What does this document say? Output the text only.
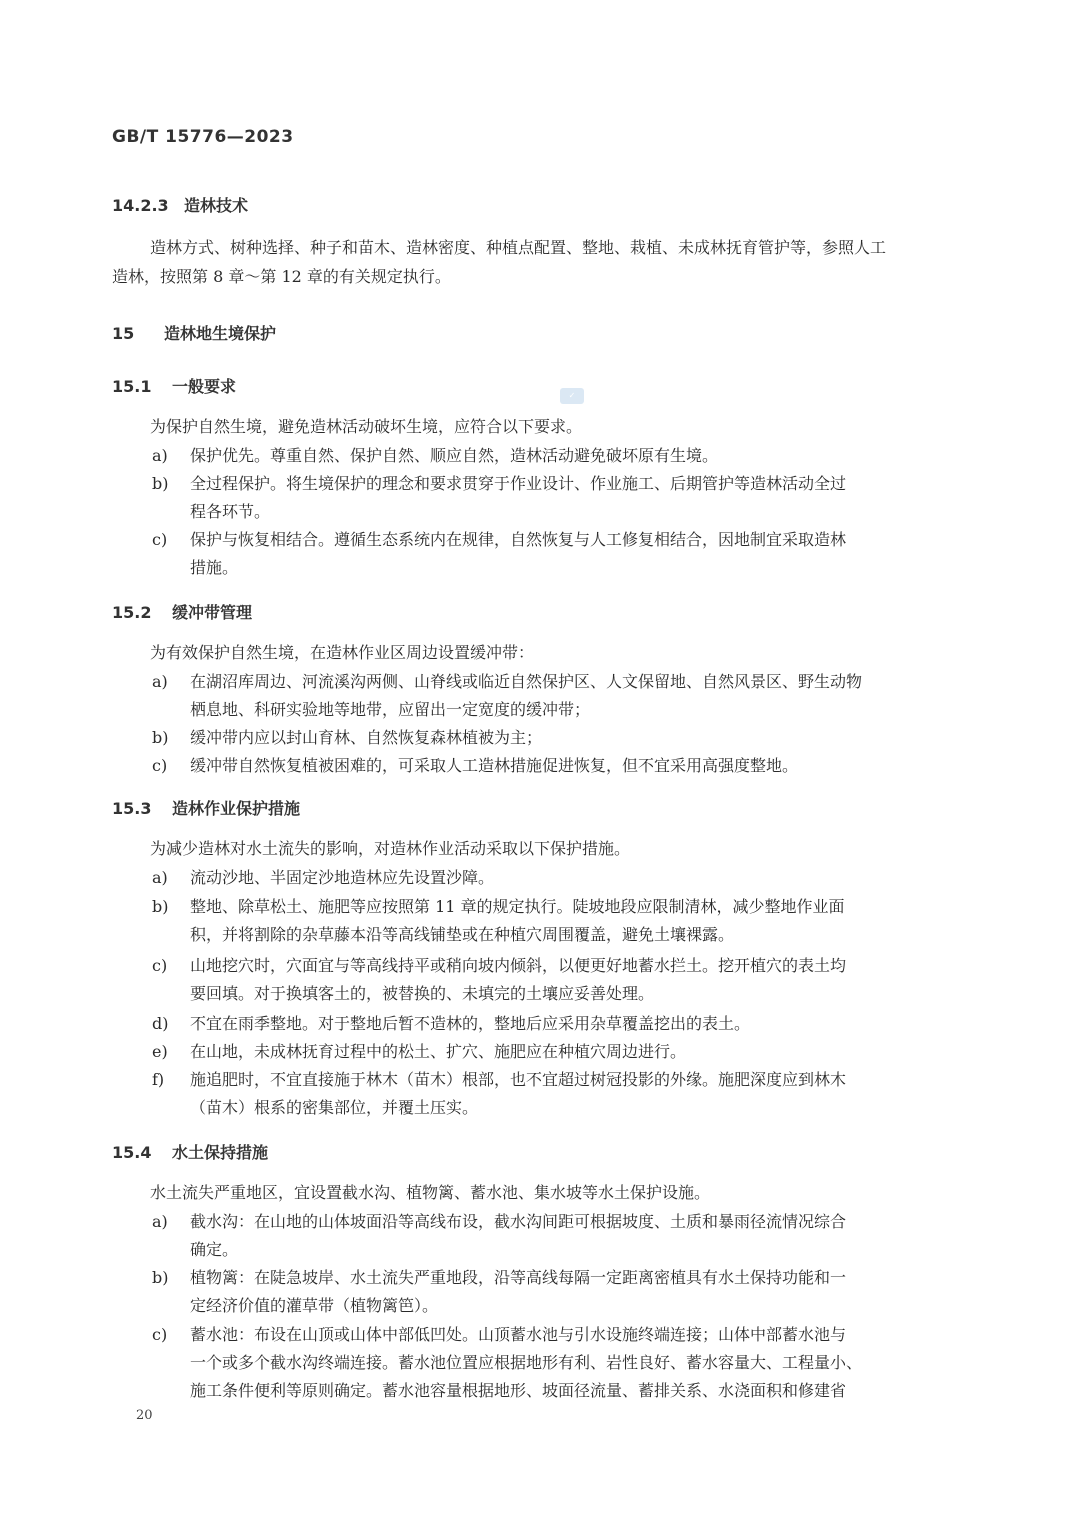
✓
GB/T 15776—2023
14.2.3 造林技术
造林方式、树种选择、种子和苗木、造林密度、种植点配置、整地、栽植、未成林抚育管护等，参照人工
造林，按照第 8 章～第 12 章的有关规定执行。
15 造林地生境保护
15.1 一般要求
为保护自然生境，避免造林活动破坏生境，应符合以下要求。
a) 保护优先。尊重自然、保护自然、顺应自然，造林活动避免破坏原有生境。
b) 全过程保护。将生境保护的理念和要求贯穿于作业设计、作业施工、后期管护等造林活动全过
程各环节。
c) 保护与恢复相结合。遵循生态系统内在规律，自然恢复与人工修复相结合，因地制宜采取造林
措施。
15.2 缓冲带管理
为有效保护自然生境，在造林作业区周边设置缓冲带：
a) 在湖沼库周边、河流溪沟两侧、山脊线或临近自然保护区、人文保留地、自然风景区、野生动物
栖息地、科研实验地等地带，应留出一定宽度的缓冲带；
b) 缓冲带内应以封山育林、自然恢复森林植被为主；
c) 缓冲带自然恢复植被困难的，可采取人工造林措施促进恢复，但不宜采用高强度整地。
15.3 造林作业保护措施
为减少造林对水土流失的影响，对造林作业活动采取以下保护措施。
a) 流动沙地、半固定沙地造林应先设置沙障。
b) 整地、除草松土、施肥等应按照第 11 章的规定执行。陡坡地段应限制清林，减少整地作业面
积，并将割除的杂草藤本沿等高线铺垫或在种植穴周围覆盖，避免土壤裸露。
c) 山地挖穴时，穴面宜与等高线持平或稍向坡内倾斜，以便更好地蓄水拦土。挖开植穴的表土均
要回填。对于换填客土的，被替换的、未填完的土壤应妥善处理。
d) 不宜在雨季整地。对于整地后暂不造林的，整地后应采用杂草覆盖挖出的表土。
e) 在山地，未成林抚育过程中的松土、扩穴、施肥应在种植穴周边进行。
f) 施追肥时，不宜直接施于林木（苗木）根部，也不宜超过树冠投影的外缘。施肥深度应到林木
（苗木）根系的密集部位，并覆土压实。
15.4 水土保持措施
水土流失严重地区，宜设置截水沟、植物篱、蓄水池、集水坡等水土保护设施。
a) 截水沟：在山地的山体坡面沿等高线布设，截水沟间距可根据坡度、土质和暴雨径流情况综合
确定。
b) 植物篱：在陡急坡岸、水土流失严重地段，沿等高线每隔一定距离密植具有水土保持功能和一
定经济价值的灌草带（植物篱笆）。
c) 蓄水池：布设在山顶或山体中部低凹处。山顶蓄水池与引水设施终端连接；山体中部蓄水池与
一个或多个截水沟终端连接。蓄水池位置应根据地形有利、岩性良好、蓄水容量大、工程量小、
施工条件便利等原则确定。蓄水池容量根据地形、坡面径流量、蓄排关系、水浇面积和修建省
20
